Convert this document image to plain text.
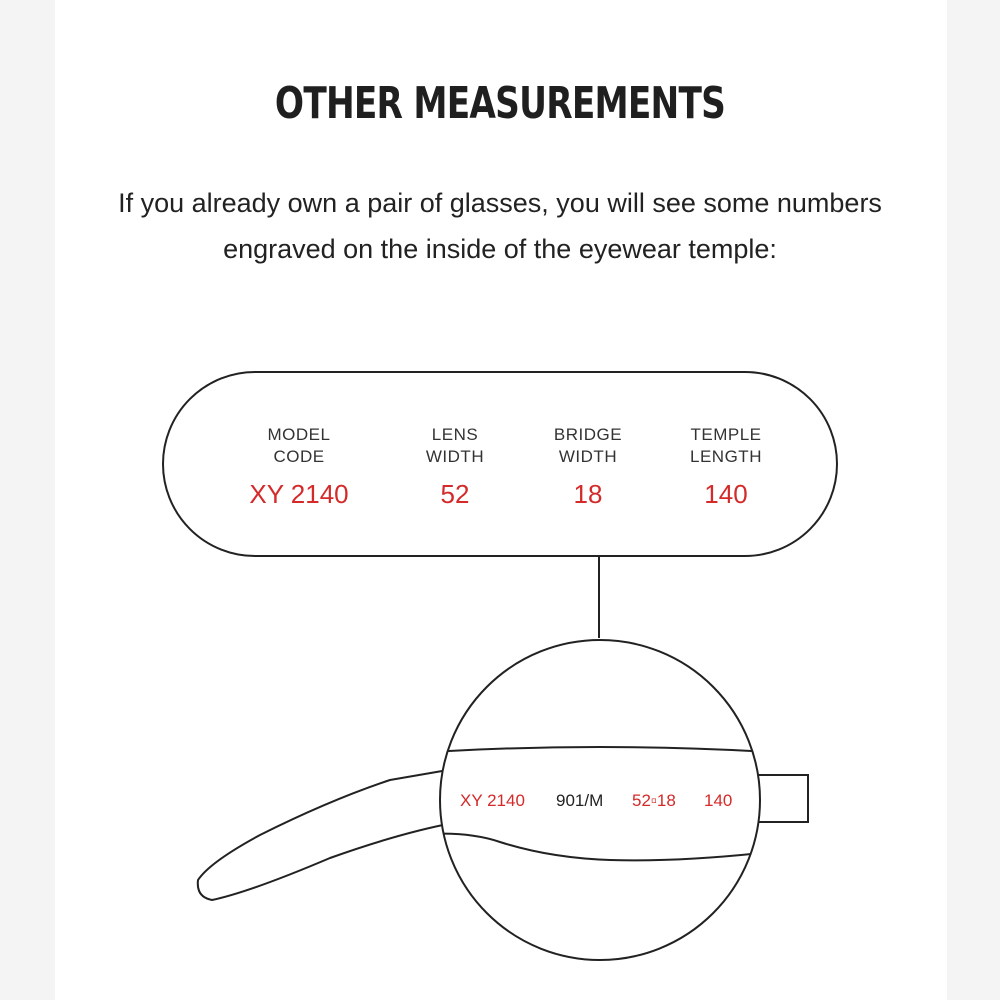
OTHER MEASUREMENTS

If you already own a pair of glasses, you will see some numbers
engraved on the inside of the eyewear temple:

MODEL
CODE
XY 2140
LENS
WIDTH
52
BRIDGE
WIDTH
18
TEMPLE
LENGTH
140
XY 2140 901/M 52▫18 140
